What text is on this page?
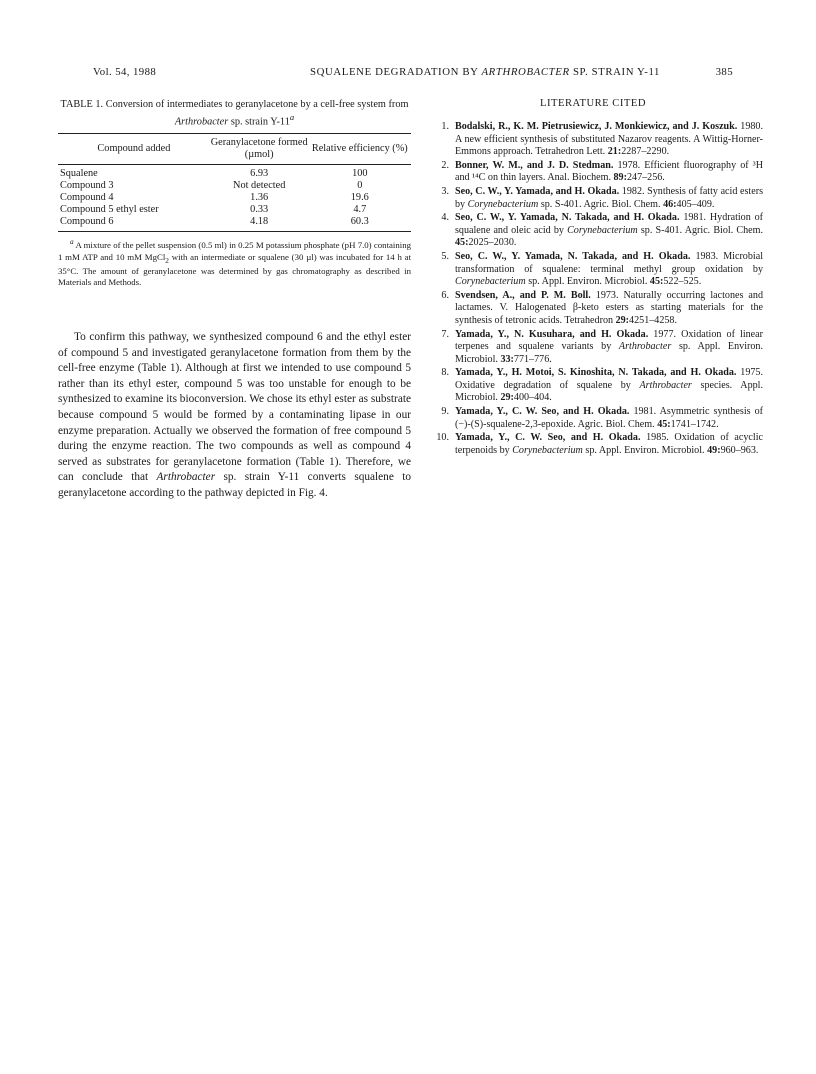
Vol. 54, 1988	SQUALENE DEGRADATION BY ARTHROBACTER SP. STRAIN Y-11	385
TABLE 1. Conversion of intermediates to geranylacetone by a cell-free system from Arthrobacter sp. strain Y-11$^a$
Compound added	Geranylacetone formed (µmol)	Relative efficiency (%)
Squalene	6.93	100
Compound 3	Not detected	0
Compound 4	1.36	19.6
Compound 5 ethyl ester	0.33	4.7
Compound 6	4.18	60.3
$^a$ A mixture of the pellet suspension (0.5 ml) in 0.25 M potassium phosphate (pH 7.0) containing 1 mM ATP and 10 mM MgCl$_2$ with an intermediate or squalene (30 µl) was incubated for 14 h at 35°C. The amount of geranylacetone was determined by gas chromatography as described in Materials and Methods.
To confirm this pathway, we synthesized compound 6 and the ethyl ester of compound 5 and investigated geranylacetone formation from them by the cell-free enzyme (Table 1). Although at first we intended to use compound 5 rather than its ethyl ester, compound 5 was too unstable for enough to be synthesized to examine its bioconversion. We chose its ethyl ester as substrate because compound 5 would be formed by a contaminating lipase in our enzyme preparation. Actually we observed the formation of free compound 5 during the enzyme reaction. The two compounds as well as compound 4 served as substrates for geranylacetone formation (Table 1). Therefore, we can conclude that Arthrobacter sp. strain Y-11 converts squalene to geranylacetone according to the pathway depicted in Fig. 4.
LITERATURE CITED
1. Bodalski, R., K. M. Pietrusiewicz, J. Monkiewicz, and J. Koszuk. 1980. A new efficient synthesis of substituted Nazarov reagents. A Wittig-Horner-Emmons approach. Tetrahedron Lett. 21:2287–2290.
2. Bonner, W. M., and J. D. Stedman. 1978. Efficient fluorography of ³H and ¹⁴C on thin layers. Anal. Biochem. 89:247–256.
3. Seo, C. W., Y. Yamada, and H. Okada. 1982. Synthesis of fatty acid esters by Corynebacterium sp. S-401. Agric. Biol. Chem. 46:405–409.
4. Seo, C. W., Y. Yamada, N. Takada, and H. Okada. 1981. Hydration of squalene and oleic acid by Corynebacterium sp. S-401. Agric. Biol. Chem. 45:2025–2030.
5. Seo, C. W., Y. Yamada, N. Takada, and H. Okada. 1983. Microbial transformation of squalene: terminal methyl group oxidation by Corynebacterium sp. Appl. Environ. Microbiol. 45:522–525.
6. Svendsen, A., and P. M. Boll. 1973. Naturally occurring lactones and lactames. V. Halogenated β-keto esters as starting materials for the synthesis of tetronic acids. Tetrahedron 29:4251–4258.
7. Yamada, Y., N. Kusuhara, and H. Okada. 1977. Oxidation of linear terpenes and squalene variants by Arthrobacter sp. Appl. Environ. Microbiol. 33:771–776.
8. Yamada, Y., H. Motoi, S. Kinoshita, N. Takada, and H. Okada. 1975. Oxidative degradation of squalene by Arthrobacter species. Appl. Microbiol. 29:400–404.
9. Yamada, Y., C. W. Seo, and H. Okada. 1981. Asymmetric synthesis of (−)-(S)-squalene-2,3-epoxide. Agric. Biol. Chem. 45:1741–1742.
10. Yamada, Y., C. W. Seo, and H. Okada. 1985. Oxidation of acyclic terpenoids by Corynebacterium sp. Appl. Environ. Microbiol. 49:960–963.
